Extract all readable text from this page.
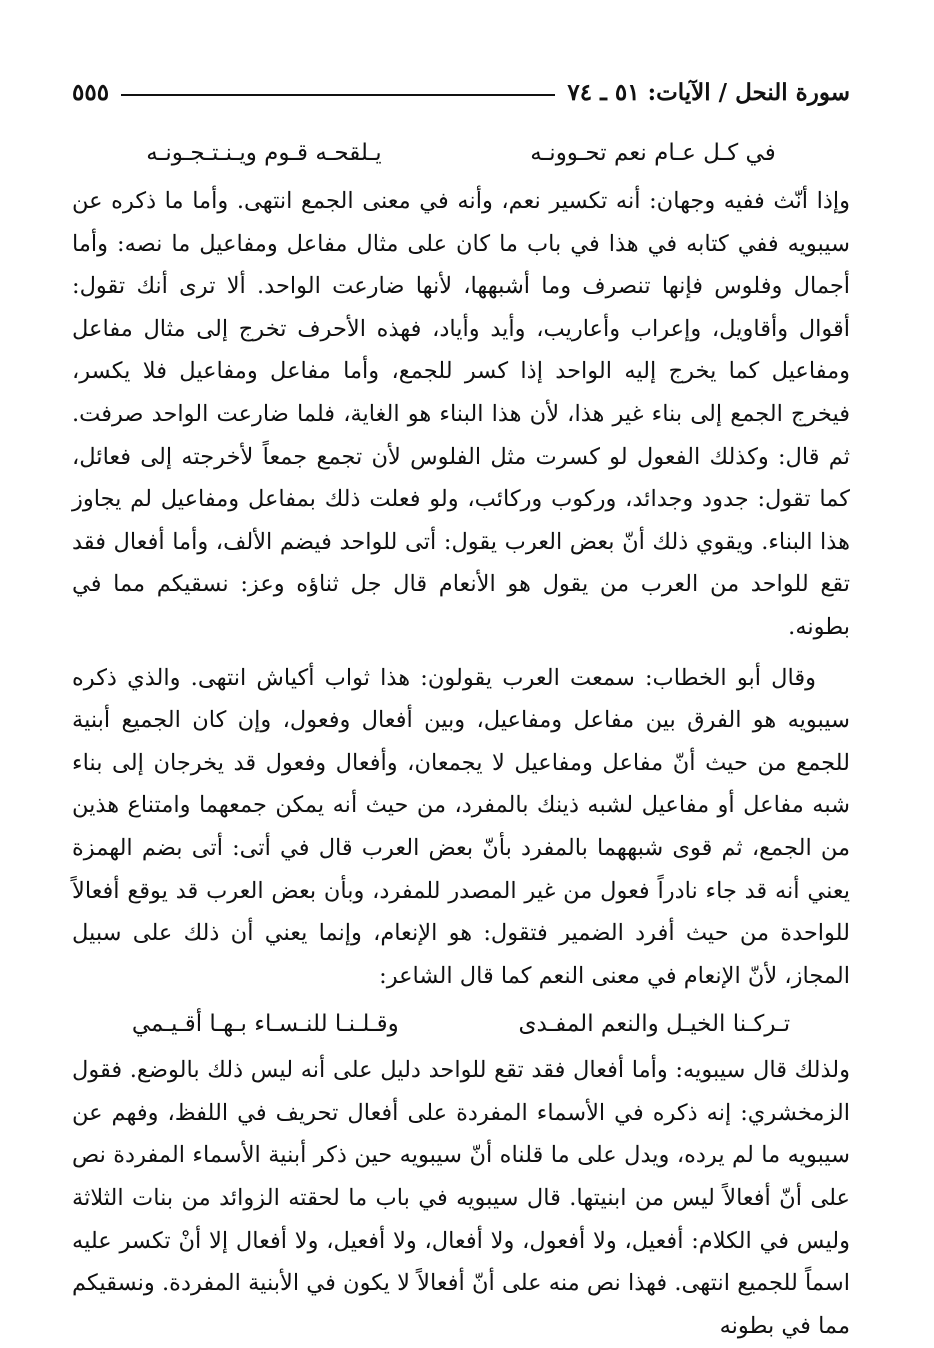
سورة النحل / الآيات: ٥١ ـ ٧٤
٥٥٥
في كـل عـام نعم تحـوونـه
يـلقحـه قـوم ويـنـتـجـونـه

وإذا أنّث ففيه وجهان: أنه تكسير نعم، وأنه في معنى الجمع انتهى. وأما ما ذكره عن سيبويه ففي كتابه في هذا في باب ما كان على مثال مفاعل ومفاعيل ما نصه: وأما أجمال وفلوس فإنها تنصرف وما أشبهها، لأنها ضارعت الواحد. ألا ترى أنك تقول: أقوال وأقاويل، وإعراب وأعاريب، وأيد وأياد، فهذه الأحرف تخرج إلى مثال مفاعل ومفاعيل كما يخرج إليه الواحد إذا كسر للجمع، وأما مفاعل ومفاعيل فلا يكسر، فيخرج الجمع إلى بناء غير هذا، لأن هذا البناء هو الغاية، فلما ضارعت الواحد صرفت. ثم قال: وكذلك الفعول لو كسرت مثل الفلوس لأن تجمع جمعاً لأخرجته إلى فعائل، كما تقول: جدود وجدائد، وركوب وركائب، ولو فعلت ذلك بمفاعل ومفاعيل لم يجاوز هذا البناء. ويقوي ذلك أنّ بعض العرب يقول: أتى للواحد فيضم الألف، وأما أفعال فقد تقع للواحد من العرب من يقول هو الأنعام قال جل ثناؤه وعز: نسقيكم مما في بطونه.

وقال أبو الخطاب: سمعت العرب يقولون: هذا ثواب أكياش انتهى. والذي ذكره سيبويه هو الفرق بين مفاعل ومفاعيل، وبين أفعال وفعول، وإن كان الجميع أبنية للجمع من حيث أنّ مفاعل ومفاعيل لا يجمعان، وأفعال وفعول قد يخرجان إلى بناء شبه مفاعل أو مفاعيل لشبه ذينك بالمفرد، من حيث أنه يمكن جمعهما وامتناع هذين من الجمع، ثم قوى شبههما بالمفرد بأنّ بعض العرب قال في أتى: أتى بضم الهمزة يعني أنه قد جاء نادراً فعول من غير المصدر للمفرد، وبأن بعض العرب قد يوقع أفعالاً للواحدة من حيث أفرد الضمير فتقول: هو الإنعام، وإنما يعني أن ذلك على سبيل المجاز، لأنّ الإنعام في معنى النعم كما قال الشاعر:

تـركـنا الخيـل والنعم المفـدى
وقـلـنـا للنـسـاء بـهـا أقـيـمي

ولذلك قال سيبويه: وأما أفعال فقد تقع للواحد دليل على أنه ليس ذلك بالوضع. فقول الزمخشري: إنه ذكره في الأسماء المفردة على أفعال تحريف في اللفظ، وفهم عن سيبويه ما لم يرده، ويدل على ما قلناه أنّ سيبويه حين ذكر أبنية الأسماء المفردة نص على أنّ أفعالاً ليس من ابنيتها. قال سيبويه في باب ما لحقته الزوائد من بنات الثلاثة وليس في الكلام: أفعيل، ولا أفعول، ولا أفعال، ولا أفعيل، ولا أفعال إلا أنْ تكسر عليه اسماً للجميع انتهى. فهذا نص منه على أنّ أفعالاً لا يكون في الأبنية المفردة. ونسقيكم مما في بطونه
